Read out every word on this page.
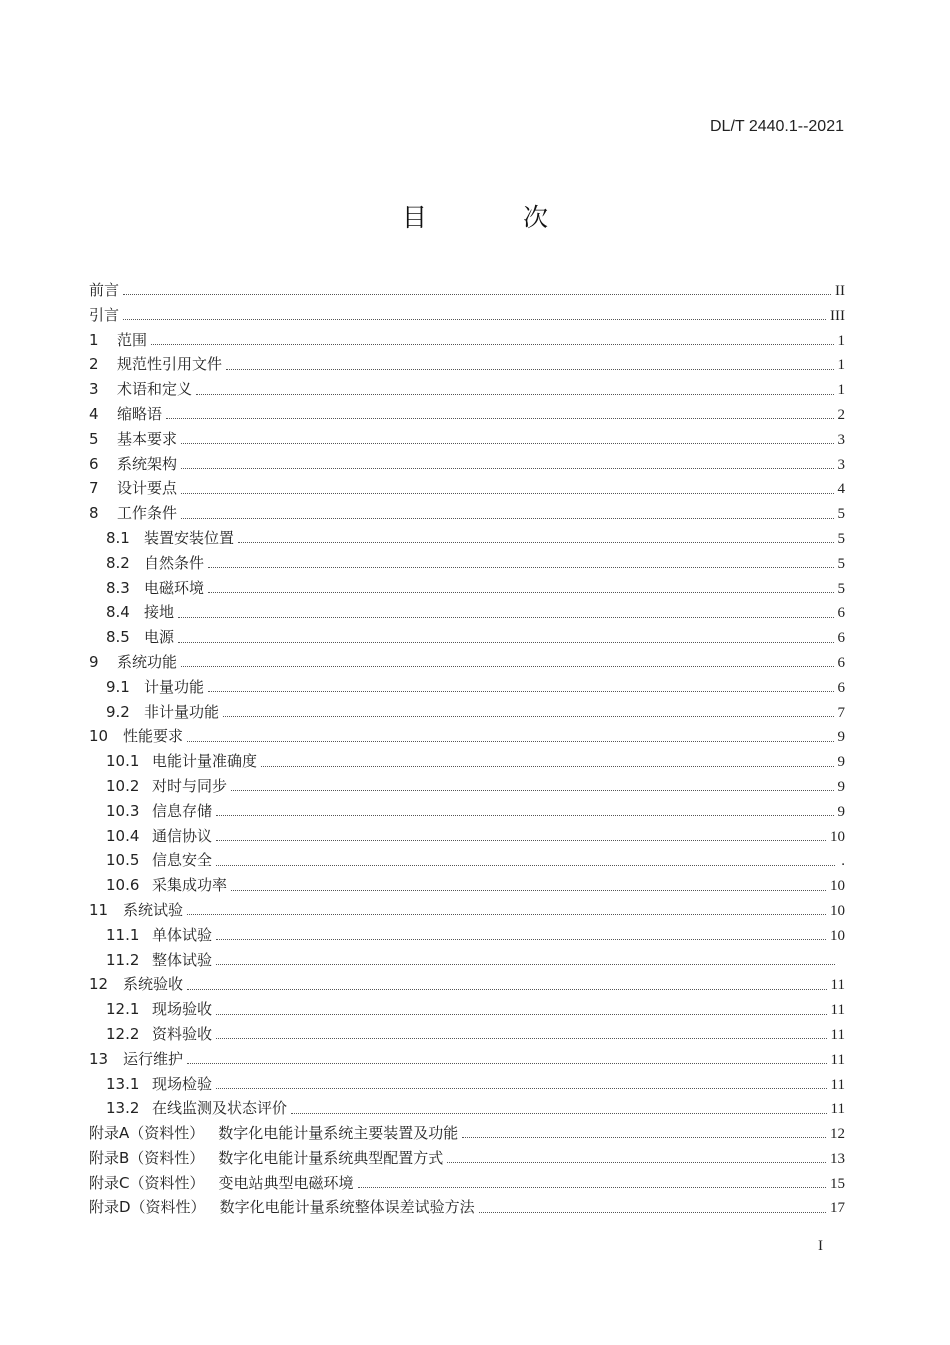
DL/T 2440.1--2021
目 次
前言	II
引言	III
1	范围	1
2	规范性引用文件	1
3	术语和定义	1
4	缩略语	2
5	基本要求	3
6	系统架构	3
7	设计要点	4
8	工作条件	5
8.1 装置安装位置	5
8.2 自然条件	5
8.3 电磁环境	5
8.4 接地	6
8.5 电源	6
9	系统功能	6
9.1 计量功能	6
9.2 非计量功能	7
10 性能要求	9
10.1 电能计量准确度	9
10.2 对时与同步	9
10.3 信息存储	9
10.4 通信协议	10
10.5 信息安全	.
10.6 采集成功率	10
11 系统试验	10
11.1 单体试验	10
11.2 整体试验
12 系统验收	11
12.1 现场验收	11
12.2 资料验收	11
13 运行维护	11
13.1 现场检验	11
13.2 在线监测及状态评价	11
附录A（资料性） 数字化电能计量系统主要装置及功能	12
附录B（资料性） 数字化电能计量系统典型配置方式	13
附录C（资料性） 变电站典型电磁环境	15
附录D（资料性） 数字化电能计量系统整体误差试验方法	17
I
